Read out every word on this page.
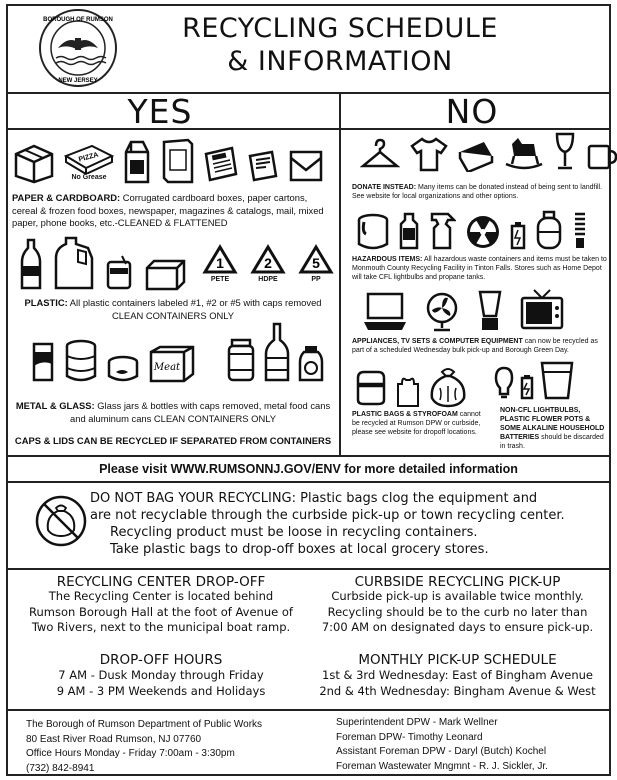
BOROUGH OF RUMSON
NEW JERSEY
RECYCLING SCHEDULE
& INFORMATION
YES	NO
PIZZA
No Grease
PAPER & CARDBOARD: Corrugated cardboard boxes, paper cartons, cereal & frozen food boxes, newspaper, magazines & catalogs, mail, mixed paper, phone books, etc.-CLEANED & FLATTENED
1
PETE
2
HDPE
5
PP
PLASTIC: All plastic containers labeled #1, #2 or #5 with caps removed
CLEAN CONTAINERS ONLY
Meat
METAL & GLASS: Glass jars & bottles with caps removed, metal food cans and aluminum cans CLEAN CONTAINERS ONLY
CAPS & LIDS CAN BE RECYCLED IF SEPARATED FROM CONTAINERS
DONATE INSTEAD: Many items can be donated instead of being sent to landfill. See website for local organizations and other options.
HAZARDOUS ITEMS: All hazardous waste containers and items must be taken to Monmouth County Recycling Facility in Tinton Falls. Stores such as Home Depot will take CFL lightbulbs and propane tanks.
APPLIANCES, TV SETS & COMPUTER EQUIPMENT can now be recycled as part of a scheduled Wednesday bulk pick-up and Borough Green Day.
PLASTIC BAGS & STYROFOAM cannot be recycled at Rumson DPW or curbside, please see website for dropoff locations.
NON-CFL LIGHTBULBS, PLASTIC FLOWER POTS & SOME ALKALINE HOUSEHOLD BATTERIES should be discarded in trash.
Please visit WWW.RUMSONNJ.GOV/ENV for more detailed information
DO NOT BAG YOUR RECYCLING: Plastic bags clog the equipment and
are not recyclable through the curbside pick-up or town recycling center.
Recycling product must be loose in recycling containers.
Take plastic bags to drop-off boxes at local grocery stores.
RECYCLING CENTER DROP-OFF
The Recycling Center is located behind
Rumson Borough Hall at the foot of Avenue of
Two Rivers, next to the municipal boat ramp.
CURBSIDE RECYCLING PICK-UP
Curbside pick-up is available twice monthly.
Recycling should be to the curb no later than
7:00 AM on designated days to ensure pick-up.
DROP-OFF HOURS
7 AM - Dusk Monday through Friday
9 AM - 3 PM Weekends and Holidays
MONTHLY PICK-UP SCHEDULE
1st & 3rd Wednesday: East of Bingham Avenue
2nd & 4th Wednesday: Bingham Avenue & West
The Borough of Rumson Department of Public Works
80 East River Road Rumson, NJ 07760
Office Hours Monday - Friday 7:00am - 3:30pm
(732) 842-8941
Superintendent DPW - Mark Wellner
Foreman DPW- Timothy Leonard
Assistant Foreman DPW - Daryl (Butch) Kochel
Foreman Wastewater Mngmnt - R. J. Sickler, Jr.
